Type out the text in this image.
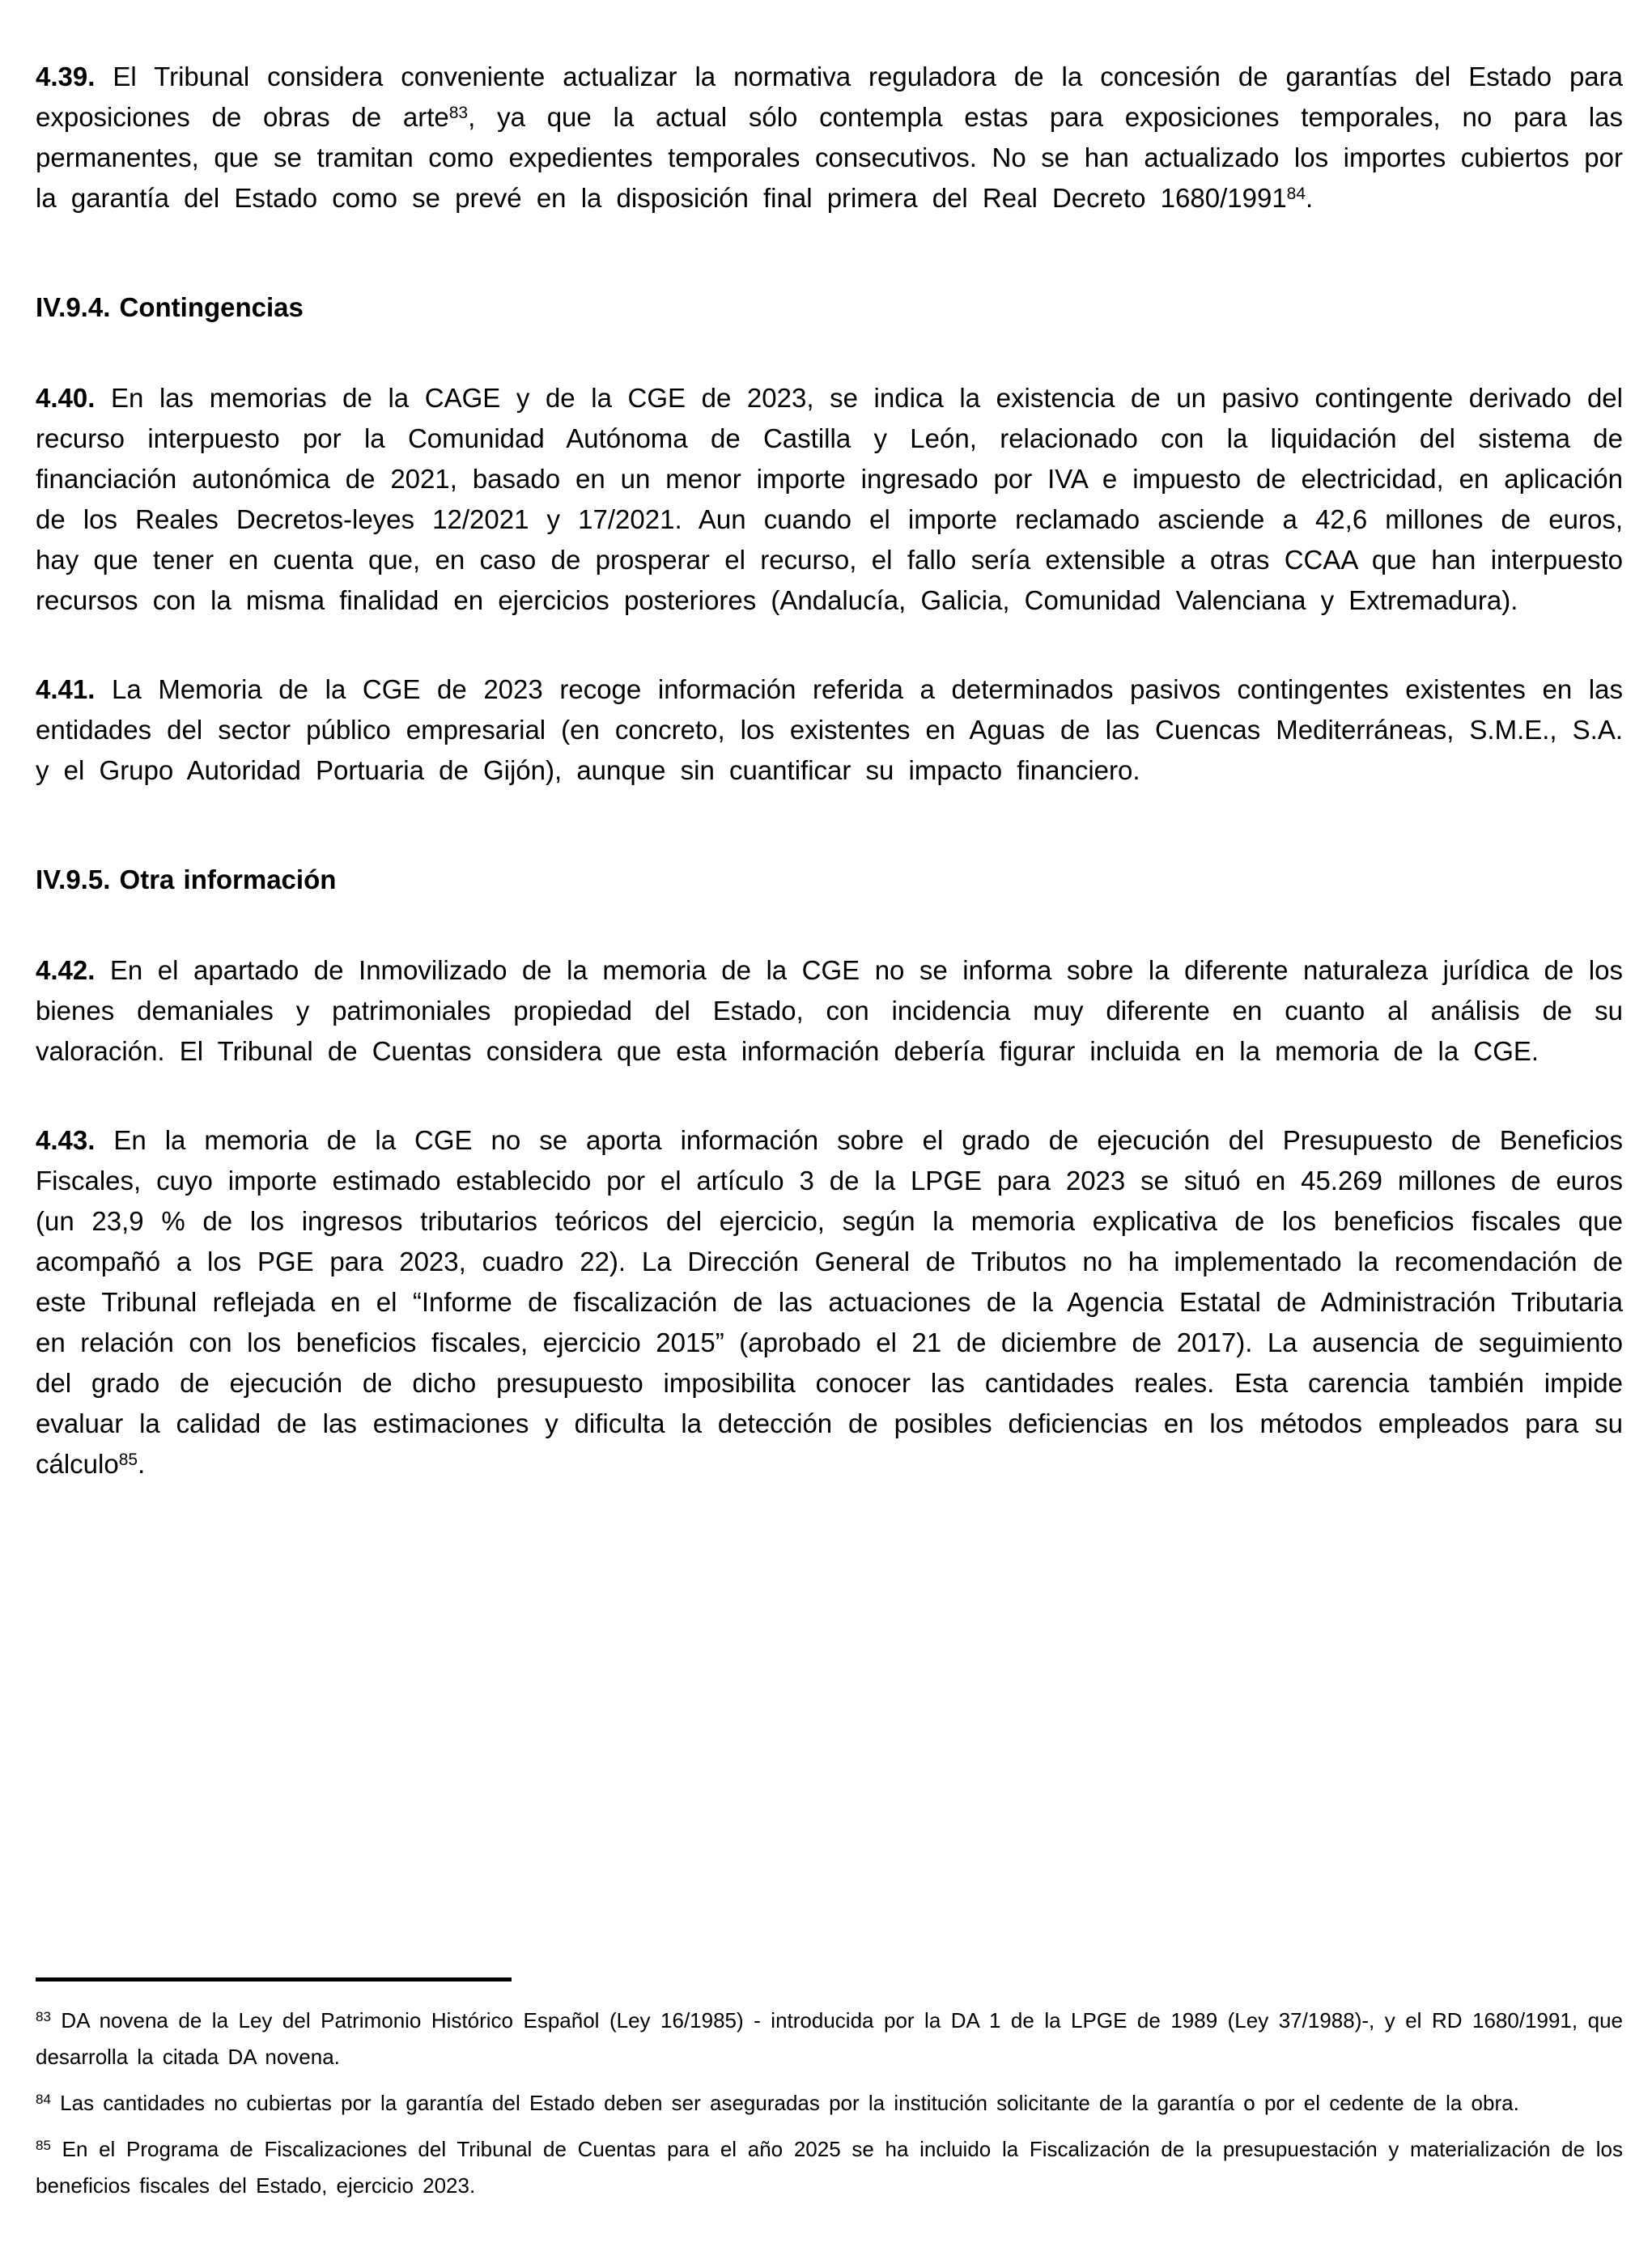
4.39. El Tribunal considera conveniente actualizar la normativa reguladora de la concesión de garantías del Estado para exposiciones de obras de arte$^{83}$, ya que la actual sólo contempla estas para exposiciones temporales, no para las permanentes, que se tramitan como expedientes temporales consecutivos. No se han actualizado los importes cubiertos por la garantía del Estado como se prevé en la disposición final primera del Real Decreto 1680/1991$^{84}$.

IV.9.4. Contingencias

4.40. En las memorias de la CAGE y de la CGE de 2023, se indica la existencia de un pasivo contingente derivado del recurso interpuesto por la Comunidad Autónoma de Castilla y León, relacionado con la liquidación del sistema de financiación autonómica de 2021, basado en un menor importe ingresado por IVA e impuesto de electricidad, en aplicación de los Reales Decretos-leyes 12/2021 y 17/2021. Aun cuando el importe reclamado asciende a 42,6 millones de euros, hay que tener en cuenta que, en caso de prosperar el recurso, el fallo sería extensible a otras CCAA que han interpuesto recursos con la misma finalidad en ejercicios posteriores (Andalucía, Galicia, Comunidad Valenciana y Extremadura).

4.41. La Memoria de la CGE de 2023 recoge información referida a determinados pasivos contingentes existentes en las entidades del sector público empresarial (en concreto, los existentes en Aguas de las Cuencas Mediterráneas, S.M.E., S.A. y el Grupo Autoridad Portuaria de Gijón), aunque sin cuantificar su impacto financiero.

IV.9.5. Otra información

4.42. En el apartado de Inmovilizado de la memoria de la CGE no se informa sobre la diferente naturaleza jurídica de los bienes demaniales y patrimoniales propiedad del Estado, con incidencia muy diferente en cuanto al análisis de su valoración. El Tribunal de Cuentas considera que esta información debería figurar incluida en la memoria de la CGE.

4.43. En la memoria de la CGE no se aporta información sobre el grado de ejecución del Presupuesto de Beneficios Fiscales, cuyo importe estimado establecido por el artículo 3 de la LPGE para 2023 se situó en 45.269 millones de euros (un 23,9 % de los ingresos tributarios teóricos del ejercicio, según la memoria explicativa de los beneficios fiscales que acompañó a los PGE para 2023, cuadro 22). La Dirección General de Tributos no ha implementado la recomendación de este Tribunal reflejada en el “Informe de fiscalización de las actuaciones de la Agencia Estatal de Administración Tributaria en relación con los beneficios fiscales, ejercicio 2015” (aprobado el 21 de diciembre de 2017). La ausencia de seguimiento del grado de ejecución de dicho presupuesto imposibilita conocer las cantidades reales. Esta carencia también impide evaluar la calidad de las estimaciones y dificulta la detección de posibles deficiencias en los métodos empleados para su cálculo$^{85}$.

$^{83}$ DA novena de la Ley del Patrimonio Histórico Español (Ley 16/1985) - introducida por la DA 1 de la LPGE de 1989 (Ley 37/1988)-, y el RD 1680/1991, que desarrolla la citada DA novena.

$^{84}$ Las cantidades no cubiertas por la garantía del Estado deben ser aseguradas por la institución solicitante de la garantía o por el cedente de la obra.

$^{85}$ En el Programa de Fiscalizaciones del Tribunal de Cuentas para el año 2025 se ha incluido la Fiscalización de la presupuestación y materialización de los beneficios fiscales del Estado, ejercicio 2023.
